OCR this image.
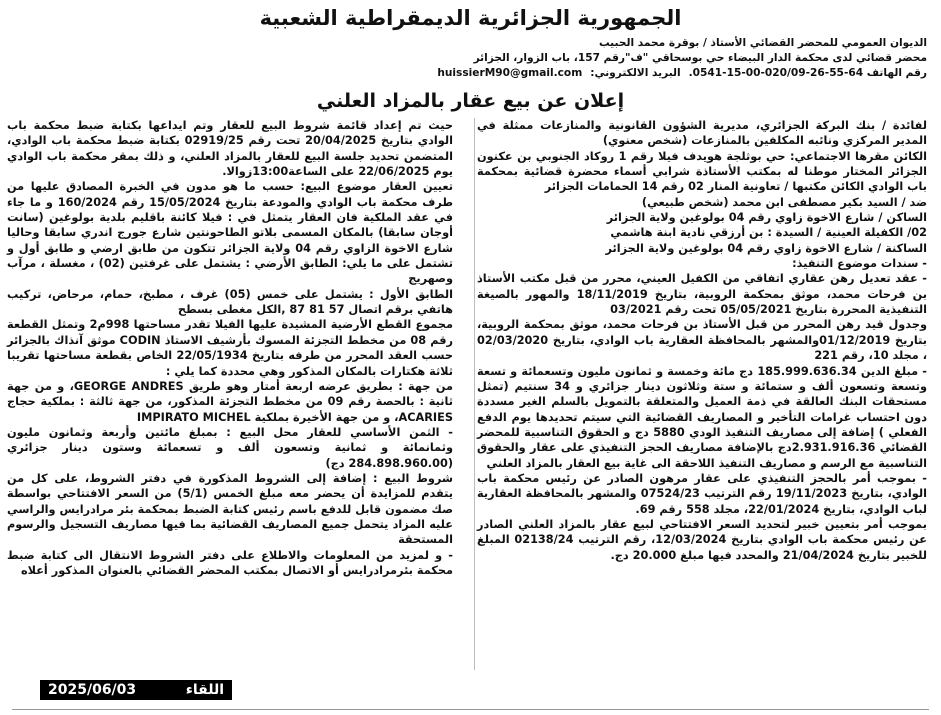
الجمهورية الجزائرية الديمقراطية الشعبية
الديوان العمومي للمحضر القضائي الأستاذ / بوقرة محمد الحبيب
محضر قضائي لدى محكمة الدار البيضاء حي بوسحاقي "ف"رقم 157، باب الزوار، الجزائر
رقم الهاتف 64-55-26-020/09-00-15-0541.
البريد الالكتروني:
huissierM90@gmail.com
إعلان عن بيع عقار بالمزاد العلني

لفائدة / بنك البركة الجزائري، مديرية الشؤون القانونية والمنازعات ممثلة في المدير المركزي ونائبه المكلفين بالمنازعات (شخص معنوي)

الكائن مقرها الاجتماعي: حي بوثلجة هويدف فيلا رقم 1 روكاد الجنوبي بن عكنون الجزائر المختار موطنا له بمكتب الأستاذة شرابي أسماء محضرة قضائية بمحكمة باب الوادي الكائن مكتبها / تعاونية المنار 02 رقم 14 الحمامات الجزائر

ضد / السيد بكير مصطفى ابن محمد (شخص طبيعي)

الساكن / شارع الاخوة زاوي رقم 04 بولوغين ولاية الجزائر

02/ الكفيلة العينية / السيدة : بن أرزقي نادية ابنة هاشمي

الساكنة / شارع الاخوة زاوي رقم 04 بولوغين ولاية الجزائر

- سندات موضوع التنفيذ:

- عقد تعديل رهن عقاري اتفاقي من الكفيل العيني، محرر من قبل مكتب الأستاذ بن فرحات محمد، موثق بمحكمة الروبية، بتاريخ 18/11/2019 والمهور بالصيغة التنفيذية المحررة بتاريخ 05/05/2021 تحت رقم 03/2021

وجدول قيد رهن المحرر من قبل الأستاذ بن فرحات محمد، موثق بمحكمة الروبية، بتاريخ 01/12/2019والمشهر بالمحافظة العقارية باب الوادي، بتاريخ 02/03/2020 ، مجلد 10، رقم 221

- مبلغ الدين 185.999.636.34 دج مائة وخمسة و ثمانون مليون وتسعمائة و تسعة وتسعة وتسعون ألف و ستمائة و ستة وثلاثون دينار جزائري و 34 سنتيم (تمثل مستحقات البنك العالقة في ذمة العميل والمتعلقة بالتمويل بالسلم الغير مسددة دون احتساب غرامات التأخير و المصاريف القضائية التي سيتم تحديدها يوم الدفع الفعلي ) إضافة إلى مصاريف التنفيذ الودي 5880 دج و الحقوق التناسبية للمحضر القضائي 2.931.916.36دج بالإضافة مصاريف الحجز التنفيذي على عقار والحقوق التناسبية مع الرسم و مصاريف التنفيذ اللاحقة الى غاية بيع العقار بالمزاد العلني

- بموجب أمر بالحجز التنفيذي على عقار مرهون الصادر عن رئيس محكمة باب الوادي، بتاريخ 19/11/2023 رقم الترتيب 07524/23 والمشهر بالمحافظة العقارية لباب الوادي، بتاريخ 22/01/2024، مجلد 558 رقم 69.

بموجب أمر بتعيين خبير لتحديد السعر الافتتاحي لبيع عقار بالمزاد العلني الصادر عن رئيس محكمة باب الوادي بتاريخ 12/03/2024، رقم الترتيب 02138/24 المبلغ للخبير بتاريخ 21/04/2024 والمحدد فيها مبلغ 20.000 دج.

حيث تم إعداد قائمة شروط البيع للعقار وتم ايداعها بكتابة ضبط محكمة باب الوادي بتاريخ 20/04/2025 تحت رقم 02919/25 بكتابة ضبط محكمة باب الوادي، المتضمن تحديد جلسة البيع للعقار بالمزاد العلني، و ذلك بمقر محكمة باب الوادي يوم 22/06/2025 على الساعة13:00زوالا.

تعيين العقار موضوع البيع: حسب ما هو مدون في الخبرة المصادق عليها من طرف محكمة باب الوادي والمودعة بتاريخ 15/05/2024 رقم 160/2024 و ما جاء في عقد الملكية فان العقار يتمثل في : فيلا كائنة باقليم بلدية بولوغين (سانت أوجان سابقا) بالمكان المسمى بلاتو الطاحونتين شارع جورج اندري سابقا وحاليا شارع الاخوة الزاوي رقم 04 ولاية الجزائر تتكون من طابق ارضي و طابق أول و تشتمل على ما يلي: الطابق الأرضي : يشتمل على غرفتين (02) ، مغسلة ، مرآب وصهريج

الطابق الأول : يشتمل على خمس (05) غرف ، مطبخ، حمام، مرحاض، تركيب هاتفي برقم اتصال 57 81 87 ,الكل مغطى بسطح

مجموع القطع الأرضية المشيدة عليها الفيلا تقدر مساحتها 998م2 وتمثل القطعة رقم 08 من مخطط التجزئة المسوك بأرشيف الاستاذ CODIN موثق آنذاك بالجزائر حسب العقد المحرر من طرفه بتاريخ 22/05/1934 الخاص بقطعة مساحتها تقريبا ثلاثة هكتارات بالمكان المذكور وهي محددة كما يلي :

من جهة : بطريق عرضه اربعة أمتار وهو طريق GEORGE ANDRES، و من جهة ثانية : بالحصة رقم 09 من مخطط التجزئة المذكور، من جهة ثالثة : بملكية حجاج ACARIES، و من جهة الأخيرة بملكية IMPIRATO MICHEL

- الثمن الأساسي للعقار محل البيع : بمبلغ مائتين وأربعة وثمانون مليون وثمانمائة و ثمانية وتسعون ألف و تسعمائة وستون دينار جزائري (284.898.960.00 دج)

شروط البيع : إضافة إلى الشروط المذكورة في دفتر الشروط، على كل من يتقدم للمزايدة أن يحضر معه مبلغ الخمس (5/1) من السعر الافتتاحي بواسطة صك مضمون قابل للدفع باسم رئيس كتابة الضبط بمحكمة بئر مرادرايس والراسي عليه المزاد يتحمل جميع المصاريف القضائية بما فيها مصاريف التسجيل والرسوم المستحقة

- و لمزيد من المعلومات والاطلاع على دفتر الشروط الانتقال الى كتابة ضبط محكمة بئرمرادرايس أو الاتصال بمكتب المحضر القضائي بالعنوان المذكور أعلاه

2025/06/03	اللقاء
